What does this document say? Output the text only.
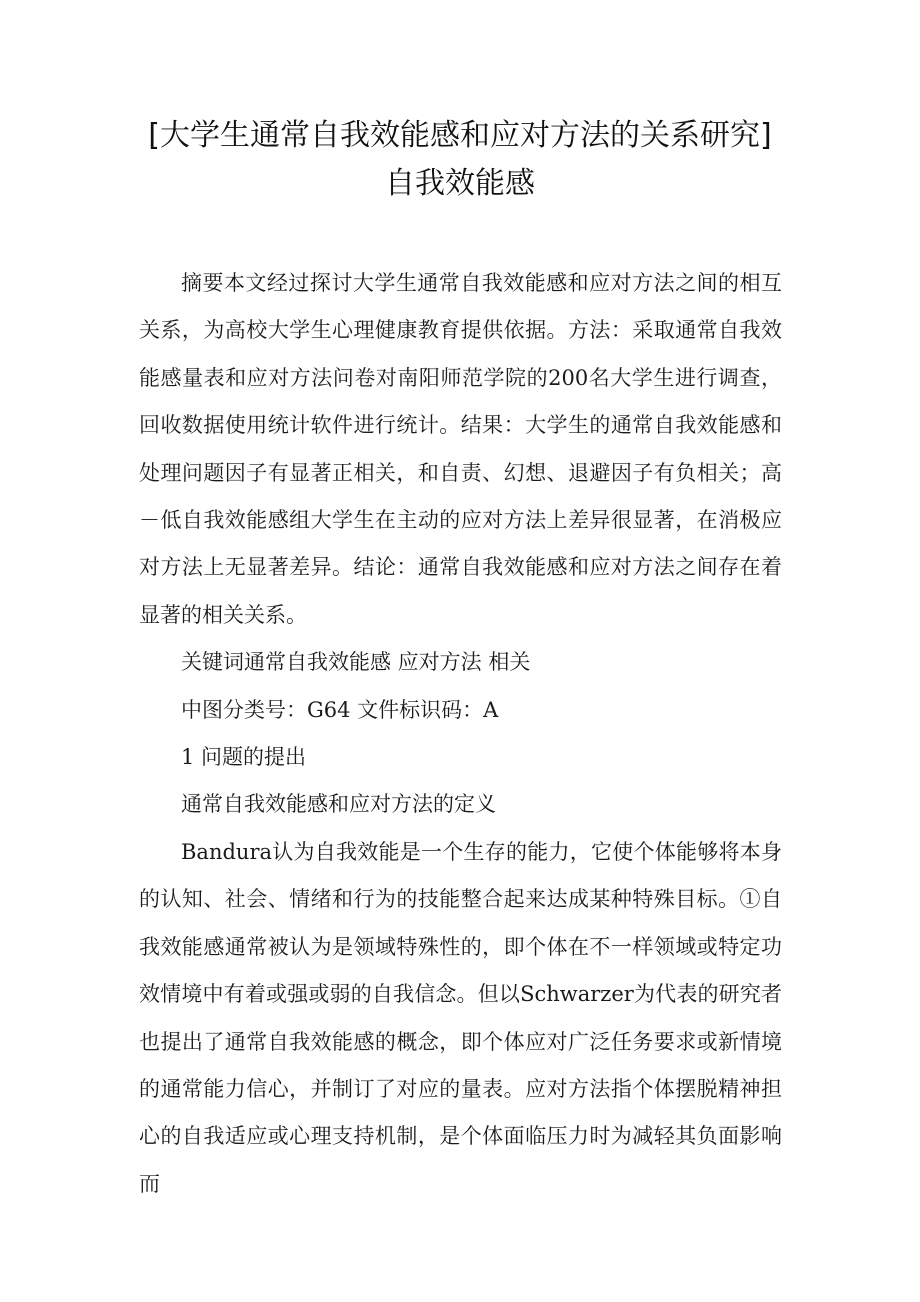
[大学生通常自我效能感和应对方法的关系研究] 自我效能感

摘要本文经过探讨大学生通常自我效能感和应对方法之间的相互关系，为高校大学生心理健康教育提供依据。方法：采取通常自我效能感量表和应对方法问卷对南阳师范学院的200名大学生进行调查，回收数据使用统计软件进行统计。结果：大学生的通常自我效能感和处理问题因子有显著正相关，和自责、幻想、退避因子有负相关；高－低自我效能感组大学生在主动的应对方法上差异很显著，在消极应对方法上无显著差异。结论：通常自我效能感和应对方法之间存在着显著的相关关系。

关键词通常自我效能感 应对方法 相关

中图分类号：G64 文件标识码：A

1 问题的提出

通常自我效能感和应对方法的定义

Bandura认为自我效能是一个生存的能力，它使个体能够将本身的认知、社会、情绪和行为的技能整合起来达成某种特殊目标。①自我效能感通常被认为是领域特殊性的，即个体在不一样领域或特定功效情境中有着或强或弱的自我信念。但以Schwarzer为代表的研究者也提出了通常自我效能感的概念，即个体应对广泛任务要求或新情境的通常能力信心，并制订了对应的量表。应对方法指个体摆脱精神担心的自我适应或心理支持机制，是个体面临压力时为减轻其负面影响而
